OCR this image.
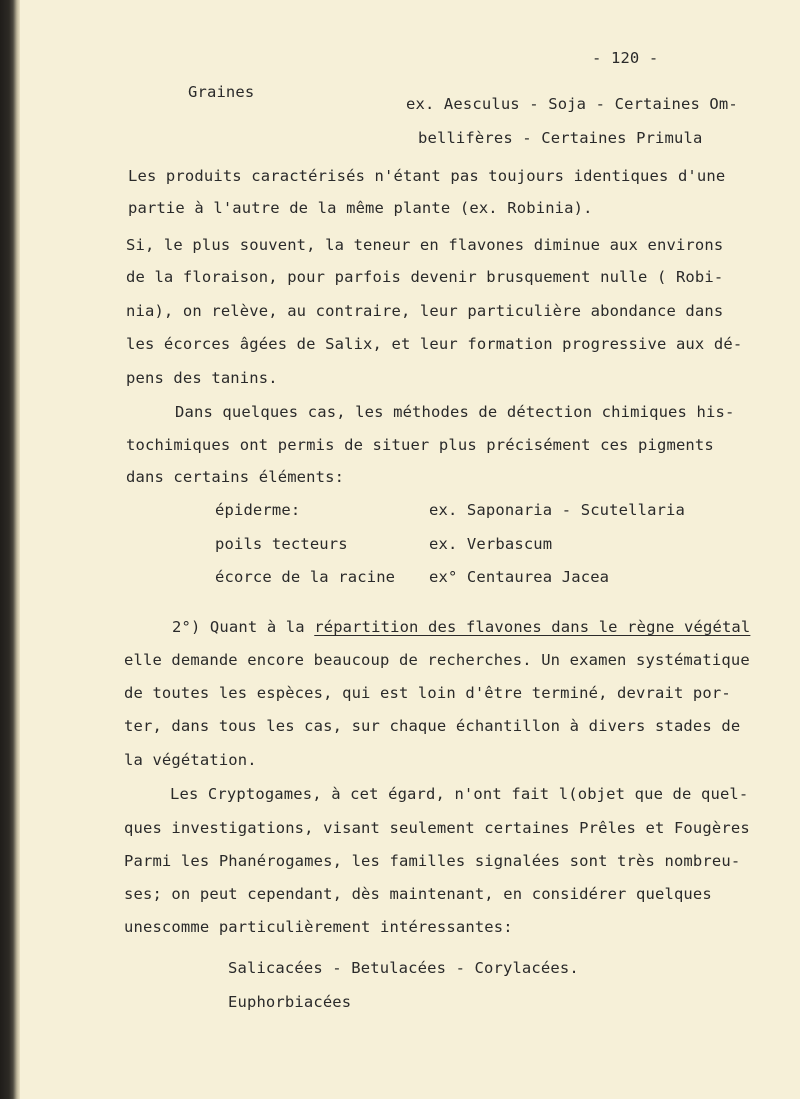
- 120 -
Graines
ex. Aesculus - Soja - Certaines Om-
bellifères - Certaines Primula
Les produits caractérisés n'étant pas toujours identiques d'une
partie à l'autre de la même plante (ex. Robinia).
Si, le plus souvent, la teneur en flavones diminue aux environs
de la floraison, pour parfois devenir brusquement nulle ( Robi-
nia), on relève, au contraire, leur particulière abondance dans
les écorces âgées de Salix, et leur formation progressive aux dé-
pens des tanins.
Dans quelques cas, les méthodes de détection chimiques his-
tochimiques ont permis de situer plus précisément ces pigments
dans certains éléments:
épiderme:	ex. Saponaria - Scutellaria
poils tecteurs	ex. Verbascum
écorce de la racine ex° Centaurea Jacea
2°) Quant à la répartition des flavones dans le règne végétal
elle demande encore beaucoup de recherches. Un examen systématique
de toutes les espèces, qui est loin d'être terminé, devrait por-
ter, dans tous les cas, sur chaque échantillon à divers stades de
la végétation.
Les Cryptogames, à cet égard, n'ont fait l(objet que de quel-
ques investigations, visant seulement certaines Prêles et Fougères
Parmi les Phanérogames, les familles signalées sont très nombreu-
ses; on peut cependant, dès maintenant, en considérer quelques
unescomme particulièrement intéressantes:
Salicacées - Betulacées - Corylacées.
Euphorbiacées
